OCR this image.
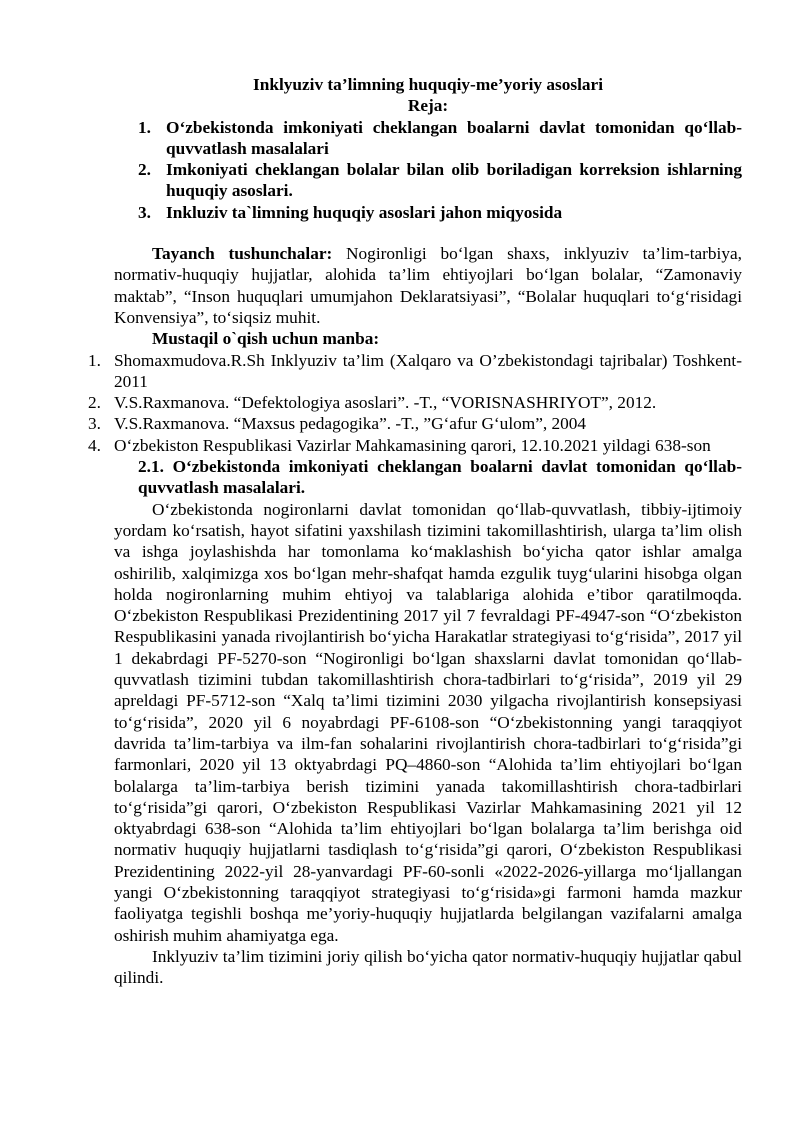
Inklyuziv ta’limning huquqiy-me’yoriy asoslari
Reja:
1. O‘zbekistonda imkoniyati cheklangan boalarni davlat tomonidan qo‘llab-quvvatlash masalalari
2. Imkoniyati cheklangan bolalar bilan olib boriladigan korreksion ishlarning huquqiy asoslari.
3. Inkluziv ta`limning huquqiy asoslari jahon miqyosida
Tayanch tushunchalar: Nogironligi bo‘lgan shaxs, inklyuziv ta’lim-tarbiya, normativ-huquqiy hujjatlar, alohida ta’lim ehtiyojlari bo‘lgan bolalar, “Zamonaviy maktab”, “Inson huquqlari umumjahon Deklaratsiyasi”, “Bolalar huquqlari to‘g‘risidagi Konvensiya”, to‘siqsiz muhit.
Mustaqil o`qish uchun manba:
1. Shomaxmudova.R.Sh Inklyuziv ta’lim (Xalqaro va O’zbekistondagi tajribalar) Toshkent-2011
2. V.S.Raxmanova. “Defektologiya asoslari”. -T., “VORISNASHRIYOT”, 2012.
3. V.S.Raxmanova. “Maxsus pedagogika”. -T., ”G‘afur G‘ulom”, 2004
4. O‘zbekiston Respublikasi Vazirlar Mahkamasining qarori, 12.10.2021 yildagi 638-son
2.1. O‘zbekistonda imkoniyati cheklangan boalarni davlat tomonidan qo‘llab-quvvatlash masalalari.
O‘zbekistonda nogironlarni davlat tomonidan qo‘llab-quvvatlash, tibbiy-ijtimoiy yordam ko‘rsatish, hayot sifatini yaxshilash tizimini takomillashtirish, ularga ta’lim olish va ishga joylashishda har tomonlama ko‘maklashish bo‘yicha qator ishlar amalga oshirilib, xalqimizga xos bo‘lgan mehr-shafqat hamda ezgulik tuyg‘ularini hisobga olgan holda nogironlarning muhim ehtiyoj va talablariga alohida e’tibor qaratilmoqda. O‘zbekiston Respublikasi Prezidentining 2017 yil 7 fevraldagi PF-4947-son “O‘zbekiston Respublikasini yanada rivojlantirish bo‘yicha Harakatlar strategiyasi to‘g‘risida”, 2017 yil 1 dekabrdagi PF-5270-son “Nogironligi bo‘lgan shaxslarni davlat tomonidan qo‘llab-quvvatlash tizimini tubdan takomillashtirish chora-tadbirlari to‘g‘risida”, 2019 yil 29 apreldagi PF-5712-son “Xalq ta’limi tizimini 2030 yilgacha rivojlantirish konsepsiyasi to‘g‘risida”, 2020 yil 6 noyabrdagi PF-6108-son “O‘zbekistonning yangi taraqqiyot davrida ta’lim-tarbiya va ilm-fan sohalarini rivojlantirish chora-tadbirlari to‘g‘risida”gi farmonlari, 2020 yil 13 oktyabrdagi PQ–4860-son “Alohida ta’lim ehtiyojlari bo‘lgan bolalarga ta’lim-tarbiya berish tizimini yanada takomillashtirish chora-tadbirlari to‘g‘risida”gi qarori, O‘zbekiston Respublikasi Vazirlar Mahkamasining 2021 yil 12 oktyabrdagi 638-son “Alohida ta’lim ehtiyojlari bo‘lgan bolalarga ta’lim berishga oid normativ huquqiy hujjatlarni tasdiqlash to‘g‘risida”gi qarori, O‘zbekiston Respublikasi Prezidentining 2022-yil 28-yanvardagi PF-60-sonli «2022-2026-yillarga mo‘ljallangan yangi O‘zbekistonning taraqqiyot strategiyasi to‘g‘risida»gi farmoni hamda mazkur faoliyatga tegishli boshqa me’yoriy-huquqiy hujjatlarda belgilangan vazifalarni amalga oshirish muhim ahamiyatga ega.
Inklyuziv ta’lim tizimini joriy qilish bo‘yicha qator normativ-huquqiy hujjatlar qabul qilindi.
